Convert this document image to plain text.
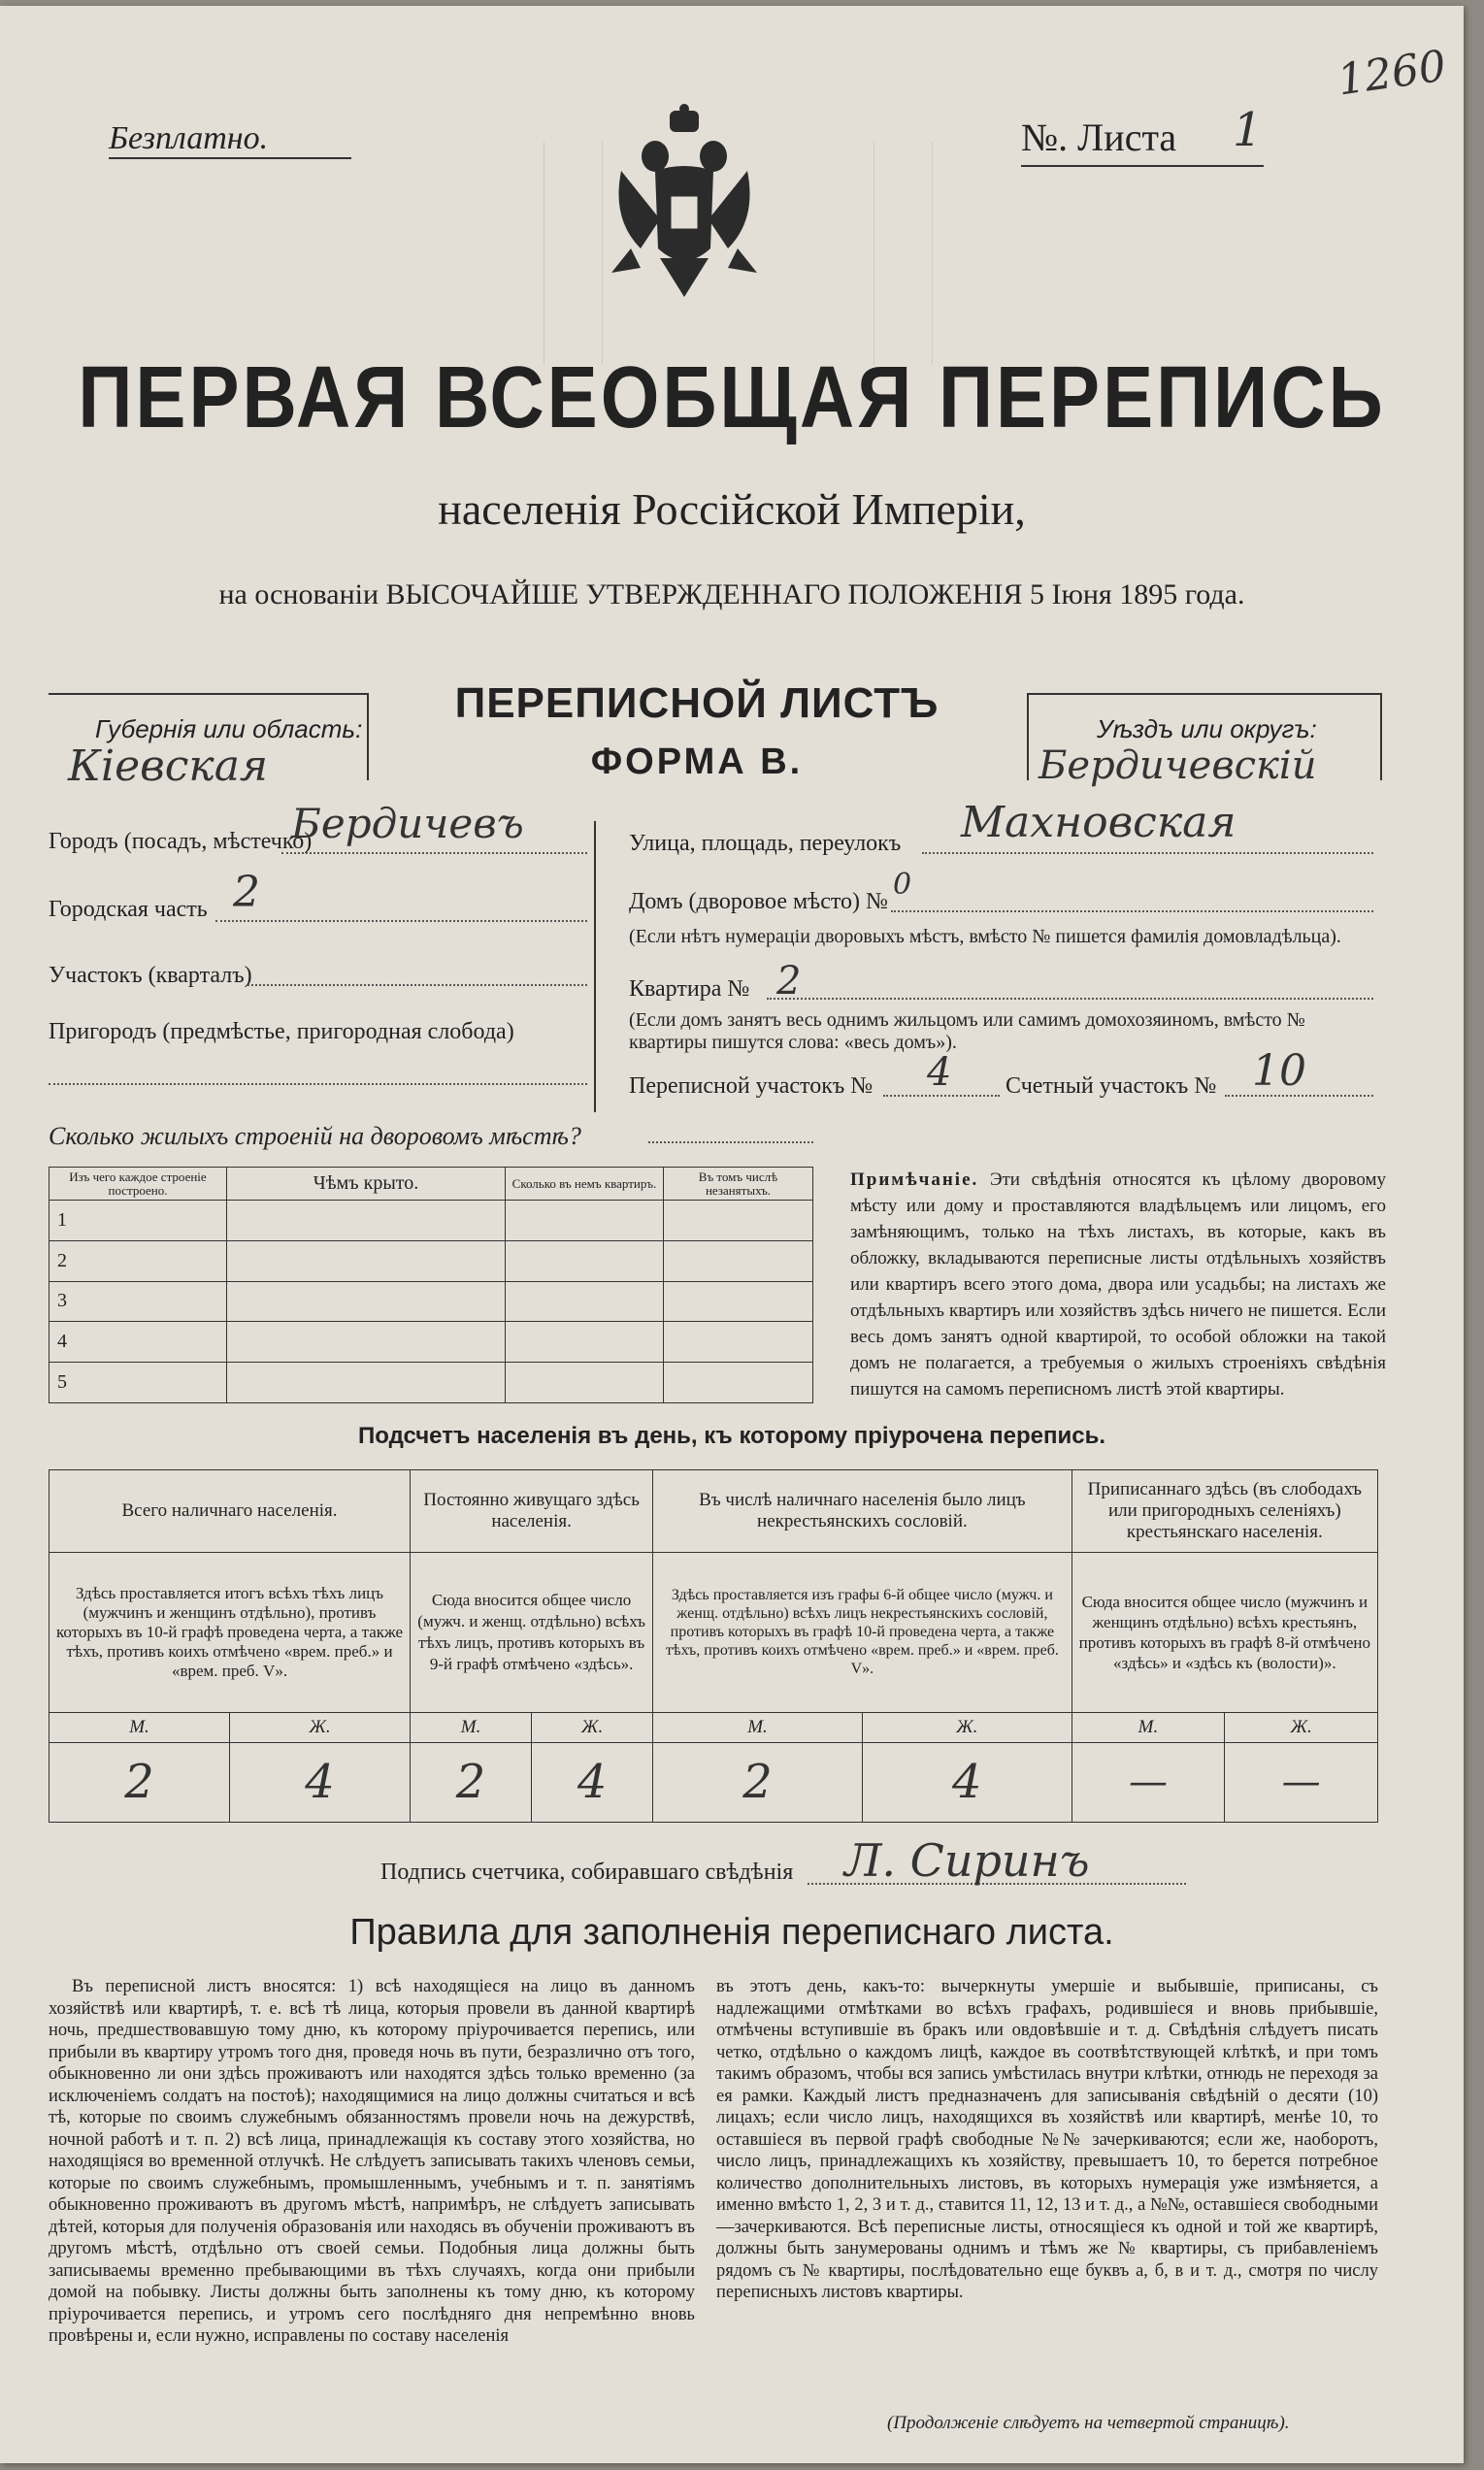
Безплатно.	№. Листа 1
1260
ПЕРВАЯ ВСЕОБЩАЯ ПЕРЕПИСЬ
населенія Россійской Имперіи,
на основаніи ВЫСОЧАЙШЕ УТВЕРЖДЕННАГО ПОЛОЖЕНІЯ 5 Іюня 1895 года.
Губернія или область:
Кіевская
Уѣздъ или округъ:
Бердичевскій
ПЕРЕПИСНОЙ ЛИСТЪ
ФОРМА В.
Городъ (посадъ, мѣстечко)
Бердичевъ
Городская часть 2
Участокъ (кварталъ)
Пригородъ (предмѣстье, пригородная слобода)
Улица, площадь, переулокъ Махновская
Домъ (дворовое мѣсто) № 0
(Если нѣтъ нумераціи дворовыхъ мѣстъ, вмѣсто № пишется фамилія домовладѣльца).
Квартира № 2
(Если домъ занятъ весь однимъ жильцомъ или самимъ домохозяиномъ, вмѣсто № квартиры пишутся слова: «весь домъ»).
Переписной участокъ № 4 Счетный участокъ № 10
Сколько жилыхъ строеній на дворовомъ мѣстѣ?
Изъ чего каждое строеніе построено.	Чѣмъ крыто.	Сколько въ немъ квартиръ.	Въ томъ числѣ незанятыхъ.
1			
2			
3			
4			
5			
Примѣчаніе. Эти свѣдѣнія относятся къ цѣлому дворовому мѣсту или дому и проставляются владѣльцемъ или лицомъ, его замѣняющимъ, только на тѣхъ листахъ, въ которые, какъ въ обложку, вкладываются переписные листы отдѣльныхъ хозяйствъ или квартиръ всего этого дома, двора или усадьбы; на листахъ же отдѣльныхъ квартиръ или хозяйствъ здѣсь ничего не пишется. Если весь домъ занятъ одной квартирой, то особой обложки на такой домъ не полагается, а требуемыя о жилыхъ строеніяхъ свѣдѣнія пишутся на самомъ переписномъ листѣ этой квартиры.
Подсчетъ населенія въ день, къ которому пріурочена перепись.
Всего наличнаго населенія.		Постоянно живущаго здѣсь населенія.		Въ числѣ наличнаго населенія было лицъ некрестьянскихъ сословій.		Приписаннаго здѣсь (въ слободахъ или пригородныхъ селеніяхъ) крестьянскаго населенія.	
Здѣсь проставляется итогъ всѣхъ тѣхъ лицъ (мужчинъ и женщинъ отдѣльно), противъ которыхъ въ 10-й графѣ проведена черта, а также тѣхъ, противъ коихъ отмѣчено «врем. преб.» и «врем. преб. V».		Сюда вносится общее число (мужч. и женщ. отдѣльно) всѣхъ тѣхъ лицъ, противъ которыхъ въ 9-й графѣ отмѣчено «здѣсь».		Здѣсь проставляется изъ графы 6-й общее число (мужч. и женщ. отдѣльно) всѣхъ лицъ некрестьянскихъ сословій, противъ которыхъ въ графѣ 10-й проведена черта, а также тѣхъ, противъ коихъ отмѣчено «врем. преб.» и «врем. преб. V».		Сюда вносится общее число (мужчинъ и женщинъ отдѣльно) всѣхъ крестьянъ, противъ которыхъ въ графѣ 8-й отмѣчено «здѣсь» и «здѣсь къ (волости)».	
М.	Ж.	М.	Ж.	М.	Ж.	М.	Ж.
2	4	2	4	2	4	—	—
Подпись счетчика, собиравшаго свѣдѣнія Л. Сиринъ
Правила для заполненія переписнаго листа.
Въ переписной листъ вносятся: 1) всѣ находящіеся на лицо въ данномъ хозяйствѣ или квартирѣ, т. е. всѣ тѣ лица, которыя провели въ данной квартирѣ ночь, предшествовавшую тому дню, къ которому пріурочивается перепись, или прибыли въ квартиру утромъ того дня, проведя ночь въ пути, безразлично отъ того, обыкновенно ли они здѣсь проживаютъ или находятся здѣсь только временно (за исключеніемъ солдатъ на постоѣ); находящимися на лицо должны считаться и всѣ тѣ, которые по своимъ служебнымъ обязанностямъ провели ночь на дежурствѣ, ночной работѣ и т. п. 2) всѣ лица, принадлежащія къ составу этого хозяйства, но находящіяся во временной отлучкѣ. Не слѣдуетъ записывать такихъ членовъ семьи, которые по своимъ служебнымъ, промышленнымъ, учебнымъ и т. п. занятіямъ обыкновенно проживаютъ въ другомъ мѣстѣ, напримѣръ, не слѣдуетъ записывать дѣтей, которыя для полученія образованія или находясь въ обученіи проживаютъ въ другомъ мѣстѣ, отдѣльно отъ своей семьи. Подобныя лица должны быть записываемы временно пребывающими въ тѣхъ случаяхъ, когда они прибыли домой на побывку. Листы должны быть заполнены къ тому дню, къ которому пріурочивается перепись, и утромъ сего послѣдняго дня непремѣнно вновь провѣрены и, если нужно, исправлены по составу населенія
въ этотъ день, какъ-то: вычеркнуты умершіе и выбывшіе, приписаны, съ надлежащими отмѣтками во всѣхъ графахъ, родившіеся и вновь прибывшіе, отмѣчены вступившіе въ бракъ или овдовѣвшіе и т. д. Свѣдѣнія слѣдуетъ писать четко, отдѣльно о каждомъ лицѣ, каждое въ соотвѣтствующей клѣткѣ, и при томъ такимъ образомъ, чтобы вся запись умѣстилась внутри клѣтки, отнюдь не переходя за ея рамки. Каждый листъ предназначенъ для записыванія свѣдѣній о десяти (10) лицахъ; если число лицъ, находящихся въ хозяйствѣ или квартирѣ, менѣе 10, то оставшіеся въ первой графѣ свободные №№ зачеркиваются; если же, наоборотъ, число лицъ, принадлежащихъ къ хозяйству, превышаетъ 10, то берется потребное количество дополнительныхъ листовъ, въ которыхъ нумерація уже измѣняется, а именно вмѣсто 1, 2, 3 и т. д., ставится 11, 12, 13 и т. д., а №№, оставшіеся свободными—зачеркиваются. Всѣ переписные листы, относящіеся къ одной и той же квартирѣ, должны быть занумерованы однимъ и тѣмъ же № квартиры, съ прибавленіемъ рядомъ съ № квартиры, послѣдовательно еще буквъ а, б, в и т. д., смотря по числу переписныхъ листовъ квартиры.
(Продолженіе слѣдуетъ на четвертой страницѣ).
